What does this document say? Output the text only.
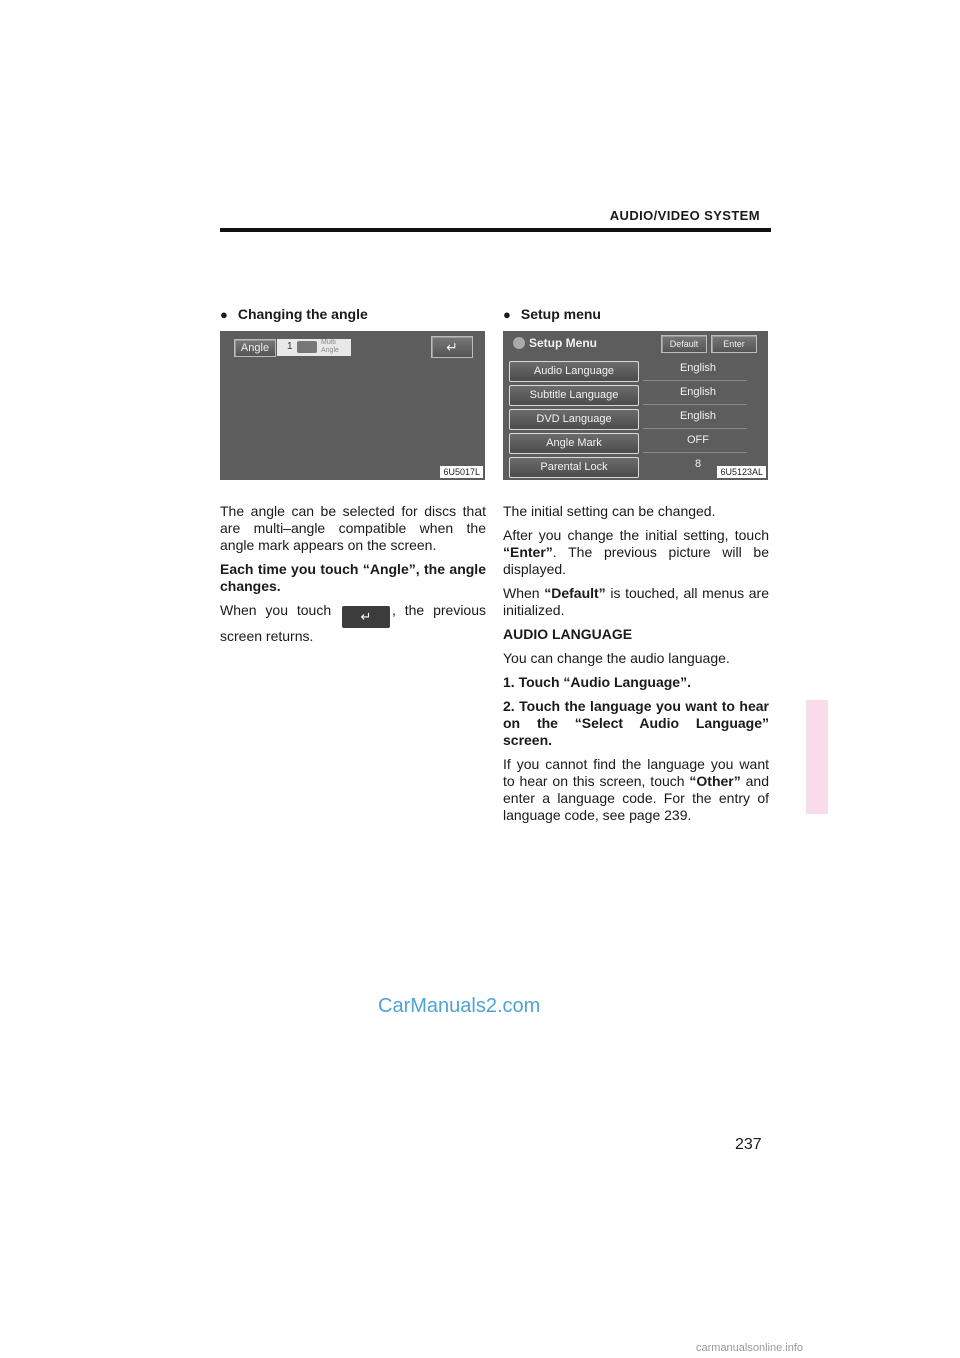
AUDIO/VIDEO SYSTEM
● Changing the angle
Angle	1	Multi
Angle	↵
6U5017L

The angle can be selected for discs that are multi–angle compatible when the angle mark appears on the screen.

Each time you touch “Angle”, the angle changes.

When you touch ↵ , the previous screen returns.

● Setup menu
Setup Menu	Default	Enter
Audio Language	English
Subtitle Language	English
DVD Language	English
Angle Mark	OFF
Parental Lock	8
6U5123AL

The initial setting can be changed.

After you change the initial setting, touch “Enter”. The previous picture will be displayed.

When “Default” is touched, all menus are initialized.

AUDIO LANGUAGE

You can change the audio language.

1. Touch “Audio Language”.

2. Touch the language you want to hear on the “Select Audio Language” screen.

If you cannot find the language you want to hear on this screen, touch “Other” and enter a language code. For the entry of language code, see page 239.

CarManuals2.com
237
carmanualsonline.info
